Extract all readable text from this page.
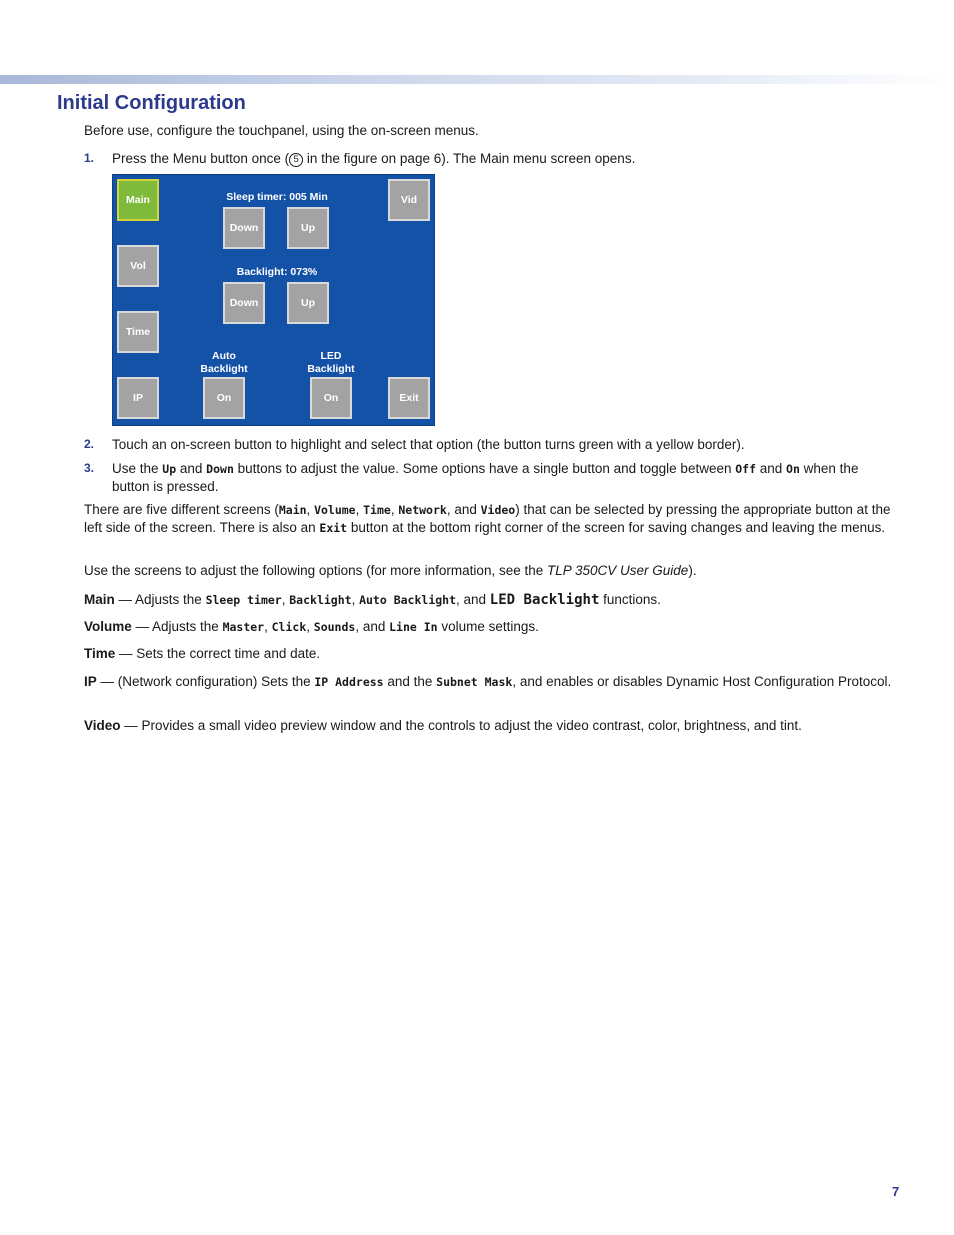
Initial Configuration

Before use, configure the touchpanel, using the on-screen menus.

1. Press the Menu button once ( 5 in the figure on page 6). The Main menu screen opens.
Main
Vol
Time
IP
Sleep timer: 005 Min
Down	Up
Backlight: 073%
Down	Up
Vid
Auto
Backlight
On
LED
Backlight
On	Exit
2. Touch an on-screen button to highlight and select that option (the button turns green with a yellow border).
3. Use the Up and Down buttons to adjust the value. Some options have a single button and toggle between Off and On when the button is pressed.

There are five different screens (Main, Volume, Time, Network, and Video) that can be selected by pressing the appropriate button at the left side of the screen. There is also an Exit button at the bottom right corner of the screen for saving changes and leaving the menus.

Use the screens to adjust the following options (for more information, see the TLP 350CV User Guide).

Main — Adjusts the Sleep timer, Backlight, Auto Backlight, and LED Backlight functions.

Volume — Adjusts the Master, Click, Sounds, and Line In volume settings.

Time — Sets the correct time and date.

IP — (Network configuration) Sets the IP Address and the Subnet Mask, and enables or disables Dynamic Host Configuration Protocol.

Video — Provides a small video preview window and the controls to adjust the video contrast, color, brightness, and tint.

7
